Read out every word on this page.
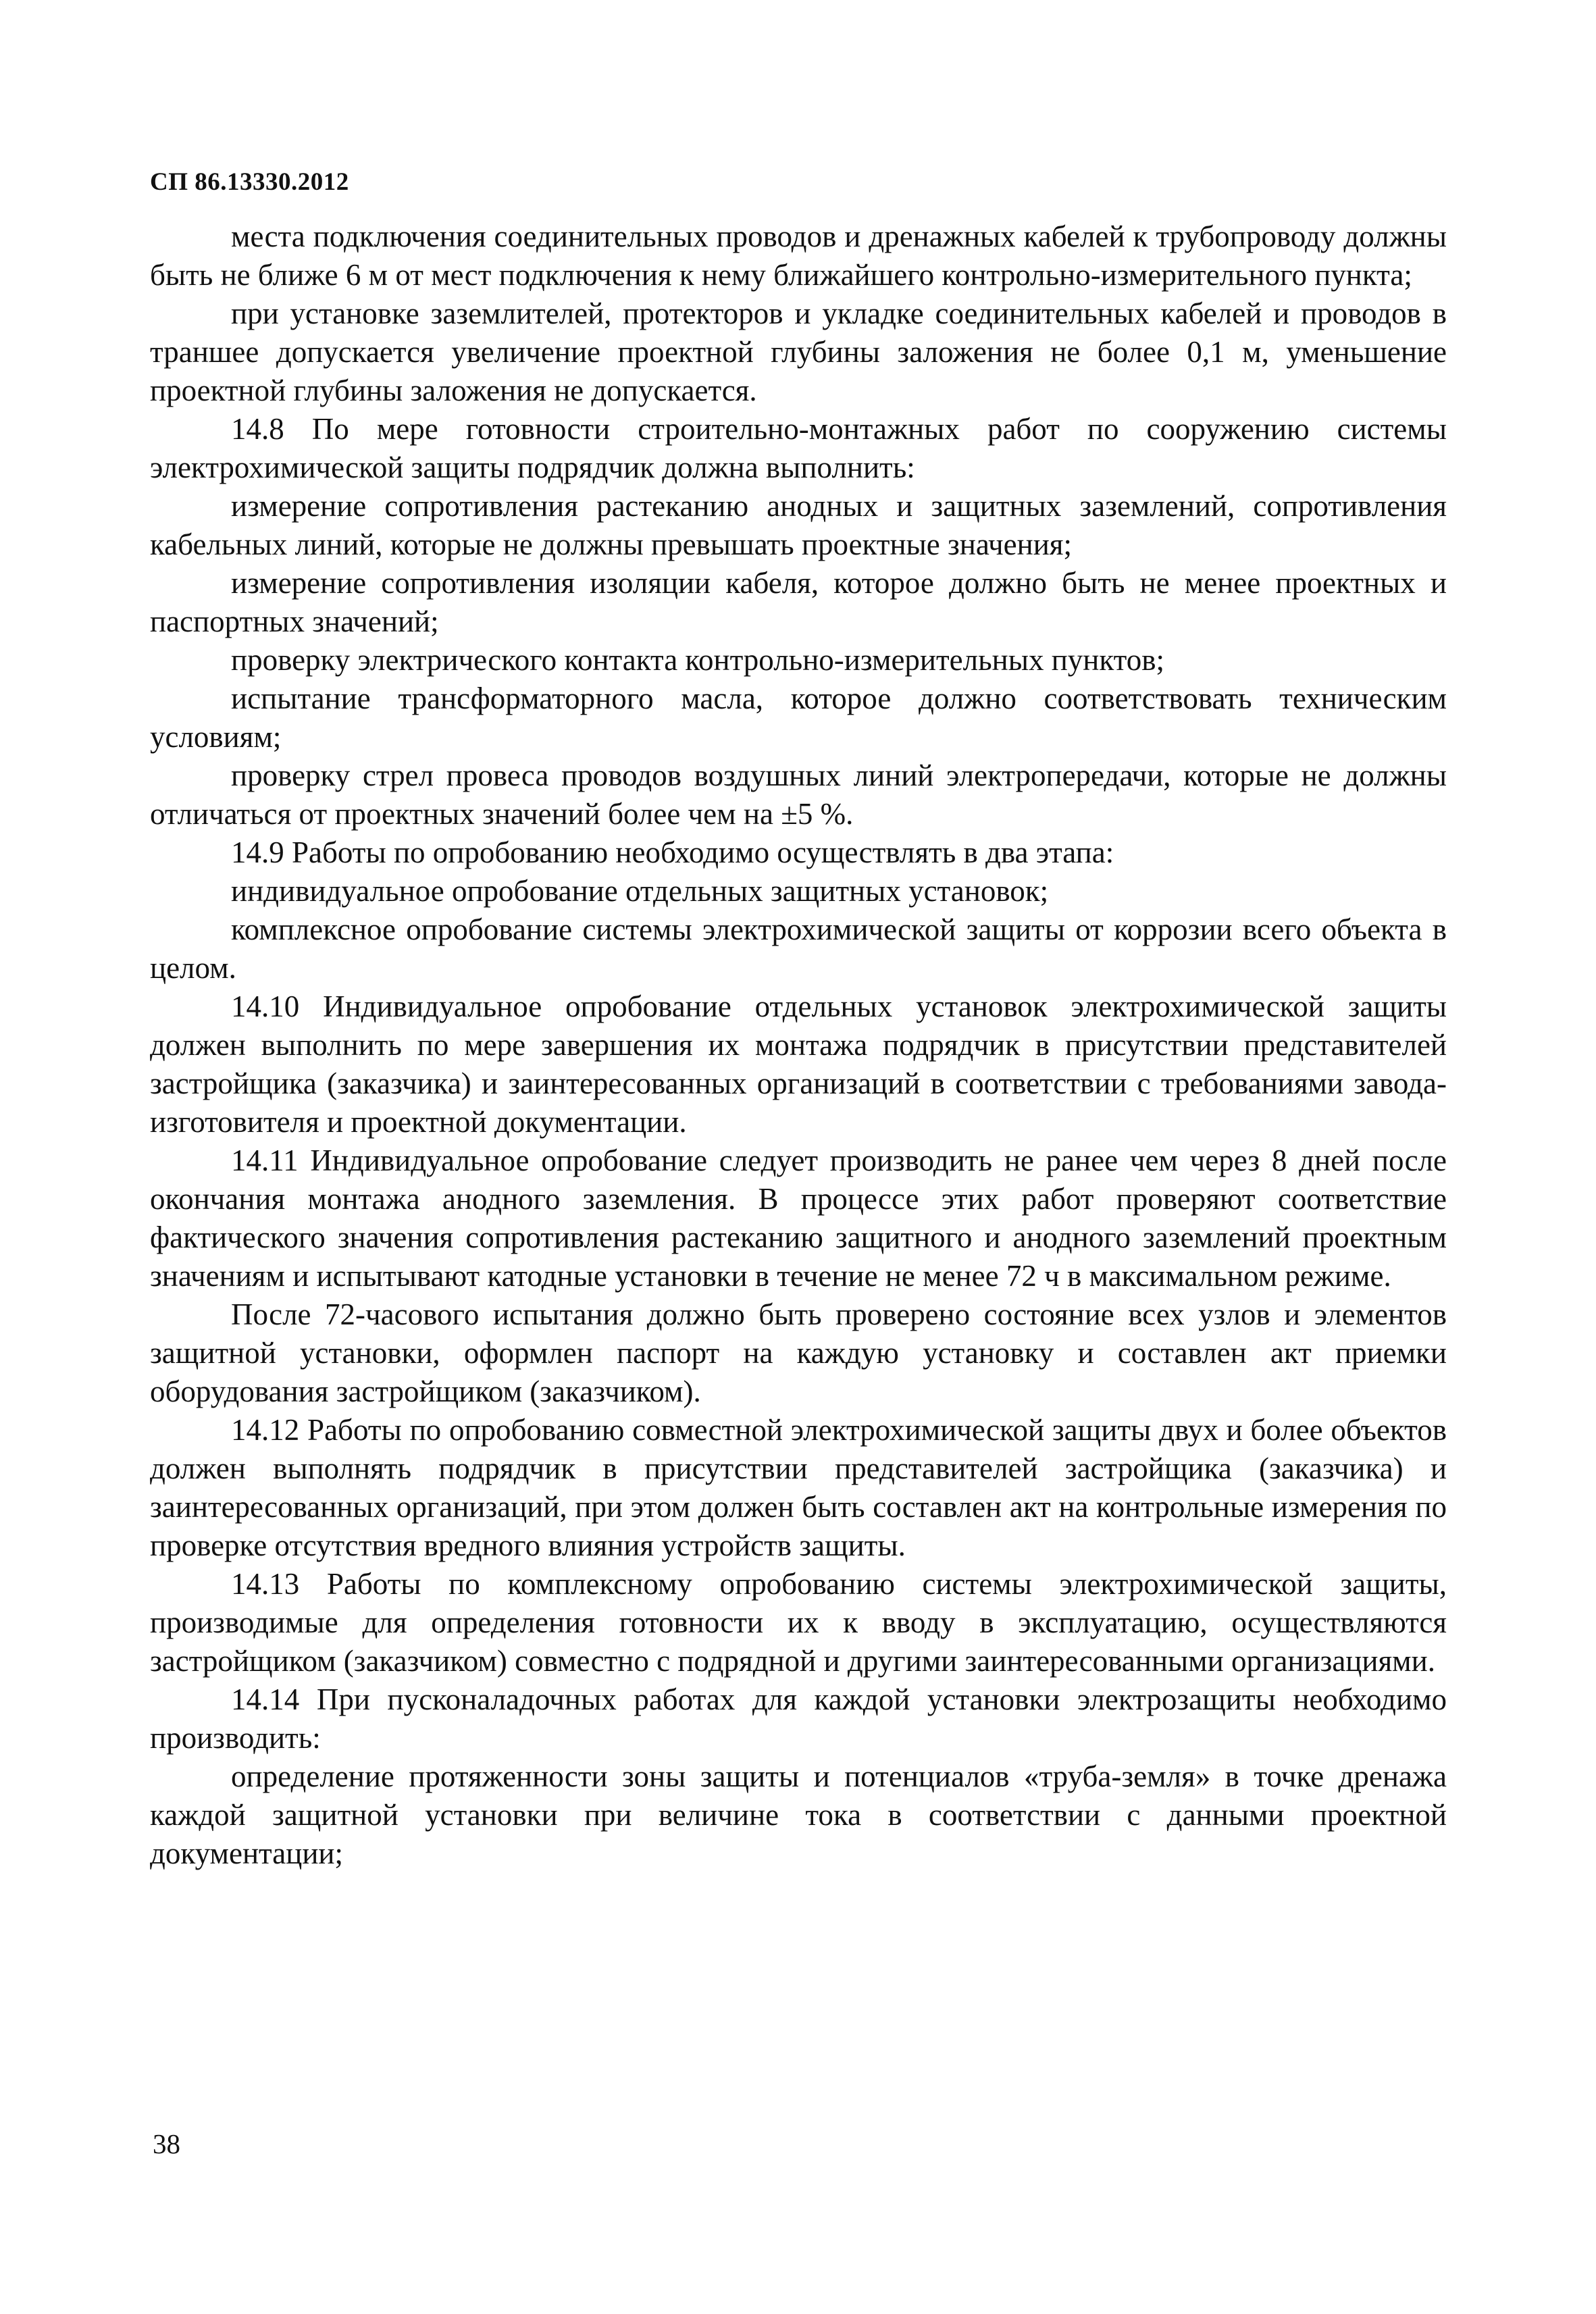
СП 86.13330.2012

места подключения соединительных проводов и дренажных кабелей к трубопроводу должны быть не ближе 6 м от мест подключения к нему ближайшего контрольно-измерительного пункта;

при установке заземлителей, протекторов и укладке соединительных кабелей и проводов в траншее допускается увеличение проектной глубины заложения не более 0,1 м, уменьшение проектной глубины заложения не допускается.

14.8 По мере готовности строительно-монтажных работ по сооружению системы электрохимической защиты подрядчик должна выполнить:

измерение сопротивления растеканию анодных и защитных заземлений, сопротивления кабельных линий, которые не должны превышать проектные значения;

измерение сопротивления изоляции кабеля, которое должно быть не менее проектных и паспортных значений;

проверку электрического контакта контрольно-измерительных пунктов;

испытание трансформаторного масла, которое должно соответствовать техническим условиям;

проверку стрел провеса проводов воздушных линий электропередачи, которые не должны отличаться от проектных значений более чем на ±5 %.

14.9 Работы по опробованию необходимо осуществлять в два этапа:

индивидуальное опробование отдельных защитных установок;

комплексное опробование системы электрохимической защиты от коррозии всего объекта в целом.

14.10 Индивидуальное опробование отдельных установок электрохимической защиты должен выполнить по мере завершения их монтажа подрядчик в присутствии представителей застройщика (заказчика) и заинтересованных организаций в соответствии с требованиями завода-изготовителя и проектной документации.

14.11 Индивидуальное опробование следует производить не ранее чем через 8 дней после окончания монтажа анодного заземления. В процессе этих работ проверяют соответствие фактического значения сопротивления растеканию защитного и анодного заземлений проектным значениям и испытывают катодные установки в течение не менее 72 ч в максимальном режиме.

После 72-часового испытания должно быть проверено состояние всех узлов и элементов защитной установки, оформлен паспорт на каждую установку и составлен акт приемки оборудования застройщиком (заказчиком).

14.12 Работы по опробованию совместной электрохимической защиты двух и более объектов должен выполнять подрядчик в присутствии представителей застройщика (заказчика) и заинтересованных организаций, при этом должен быть составлен акт на контрольные измерения по проверке отсутствия вредного влияния устройств защиты.

14.13 Работы по комплексному опробованию системы электрохимической защиты, производимые для определения готовности их к вводу в эксплуатацию, осуществляются застройщиком (заказчиком) совместно с подрядной и другими заинтересованными организациями.

14.14 При пусконаладочных работах для каждой установки электрозащиты необходимо производить:

определение протяженности зоны защиты и потенциалов «труба-земля» в точке дренажа каждой защитной установки при величине тока в соответствии с данными проектной документации;

38
